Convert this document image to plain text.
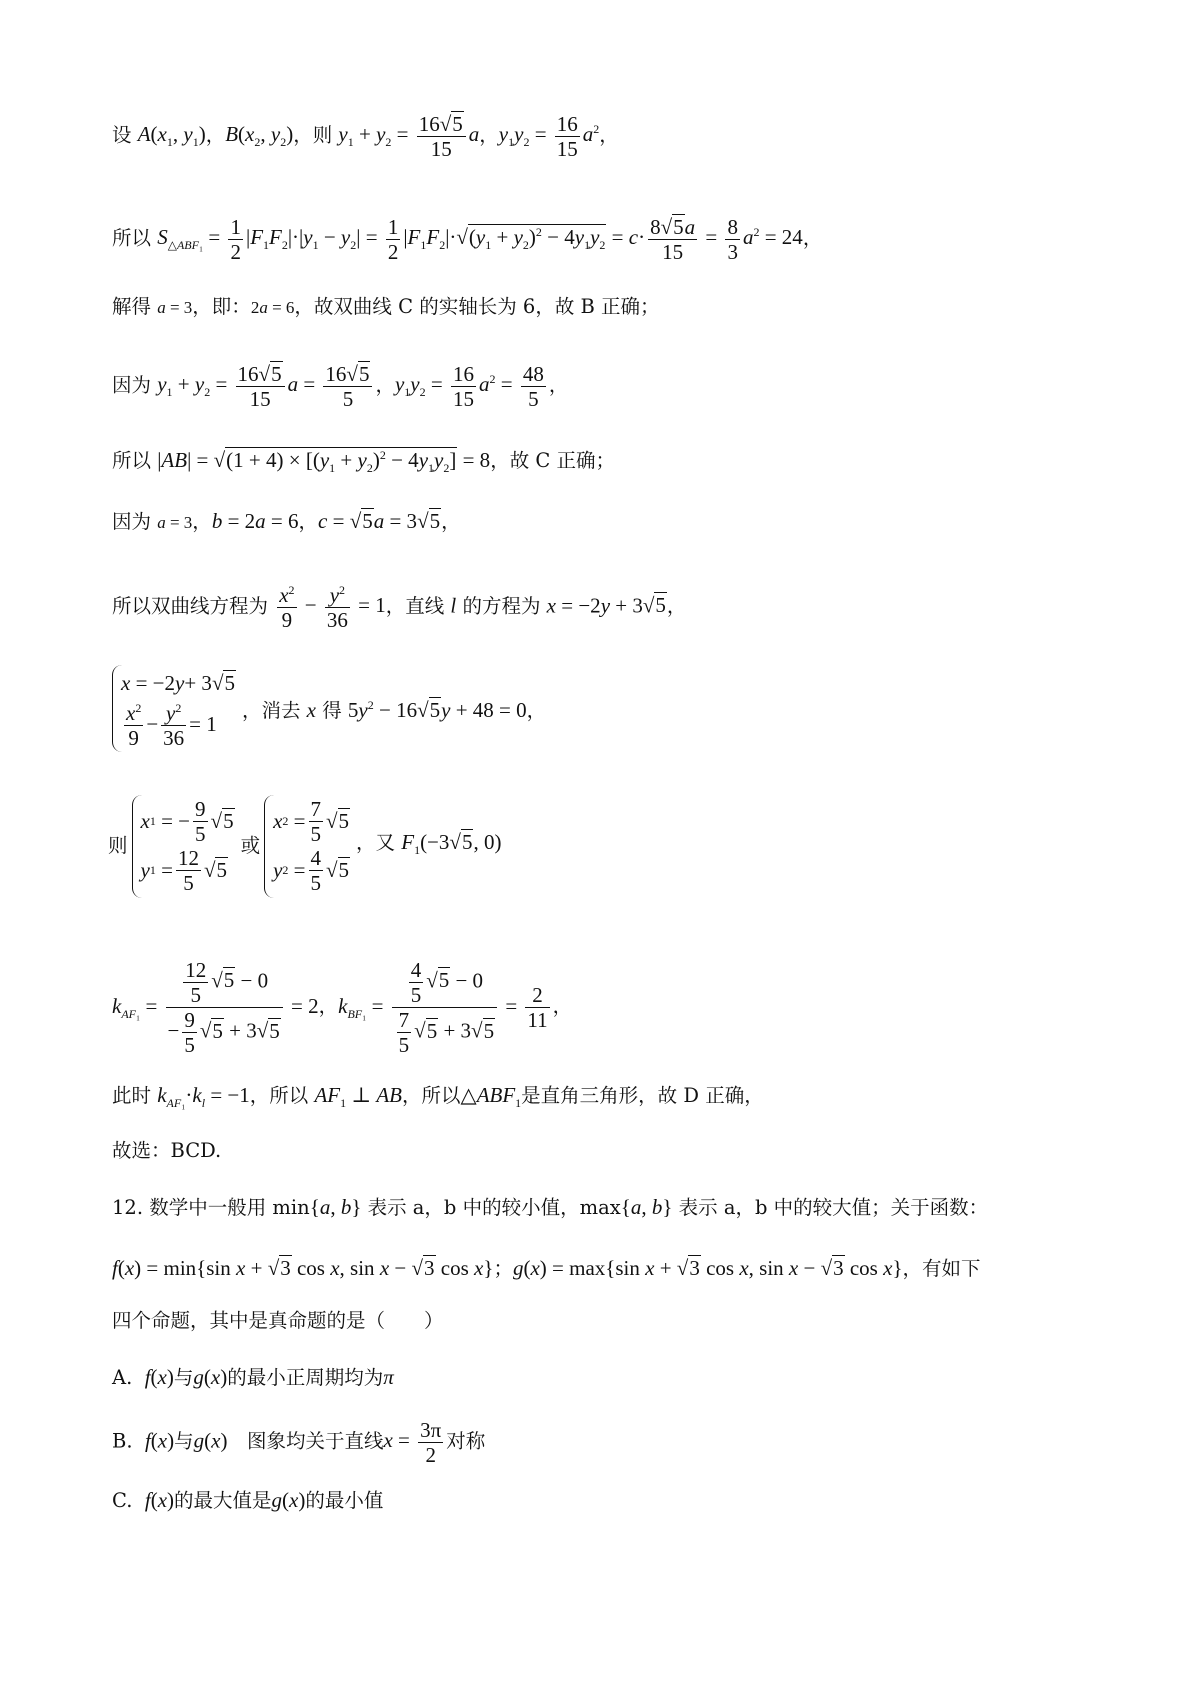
设 $A(x_1$, $y_1$)，$B(x_2$, $y_2$)，则 $y_1 + y_2 = \frac{16√5}{15}$ a，$y_1y_2 = \frac{16}{15} a^2$，
所以 $S_{\triangle ABF_1} = \frac{1}{2} |F_1F_2|\cdot|y_1 - y_2| = \frac{1}{2} |F_1F_2|\cdot√(y_1 + y_2)^2 - 4y_1y_2 = c\cdot \frac{8√5a}{15} = \frac{8}{3} a^2 = 24$，
解得 a = 3，即：2a = 6，故双曲线 C 的实轴长为 6，故 B 正确；
因为 $y_1 + y_2 = \frac{16√5}{15}$ $a = \frac{16√5}{5}$ ，$y_1y_2 = \frac{16}{15} a^2 = \frac{48}{5}$ ，
所以 $|AB| = √(1 + 4) \times [(y_1 + y_2)^2 - 4y_1y_2] = 8$，故 C 正确；
因为 a = 3，b = 2a = 6，c = √5a = 3√5，
所以双曲线方程为 $\frac{x^2}{9} - \frac{y^2}{36} = 1$，直线 l 的方程为 x = −2y + 3√5，
x = −2 y + 3 √5
$\frac{x^2}{9} - \frac{y^2}{36} = 1$
，消去 x 得 $5y^2 - 16√5y + 48 = 0$，
则
x 1 = − $\frac{9}{5} √5$
y $1 = \frac{12}{5} √5$
或
x $2 = \frac{7}{5} √5$
y $2 = \frac{4}{5} √5$
，又 $F_1(-3√5$, 0)
$k_{AF_1} = \frac{\frac{12}{5} √5 - 0}{- \frac{9}{5} √5 + 3√5} = 2$，$k_{BF_1} = \frac{\frac{4}{5} √5 - 0}{\frac{7}{5} √5 + 3√5} = \frac{2}{11}$ ，
此时 $k_{AF_1}\cdot k_l = -1$，所以 $AF_1$ ⊥ AB，所以$\triangle ABF_1$是直角三角形，故 D 正确，
故选：BCD.
12. 数学中一般用 min{a, b} 表示 a，b 中的较小值，max{a, b} 表示 a，b 中的较大值；关于函数：
f(x) = min{sin x + √3 cos x, sin x − √3 cos x}；g(x) = max{sin x + √3 cos x, sin x − √3 cos x}，有如下
四个命题，其中是真命题的是（　　）
A. f(x)与g(x)的最小正周期均为π
B. f(x)与g(x)　图象均关于直线$x = \frac{3\pi}{2}$ 对称
C. f(x)的最大值是g(x)的最小值
